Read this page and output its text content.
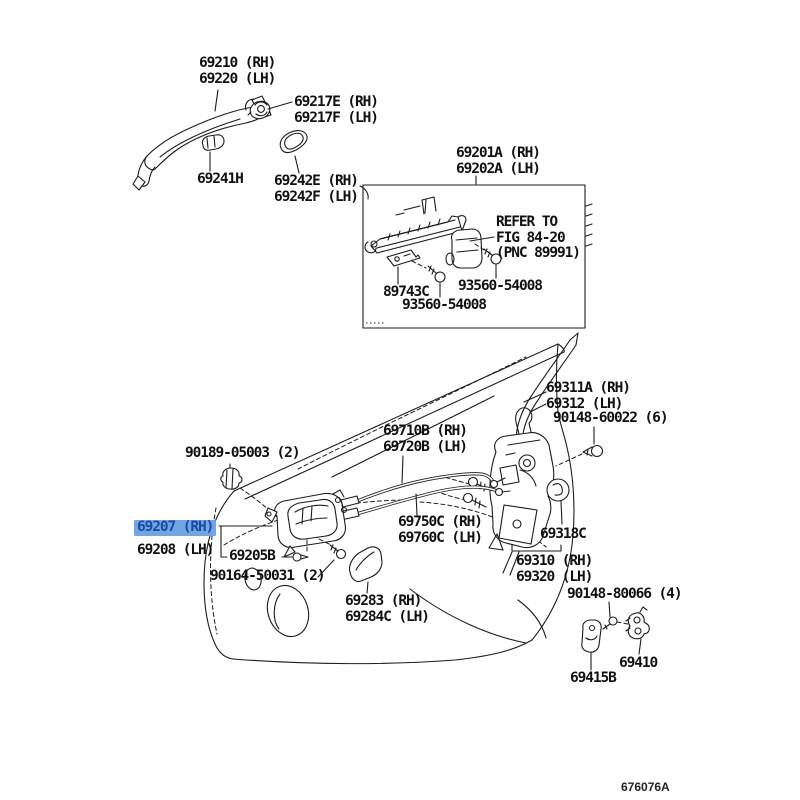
69210 (RH)
69220 (LH)
69217E (RH)
69217F (LH)
69241H 69242E (RH)
69242F (LH)
69201A (RH)
69202A (LH)
REFER TO
FIG 84-20
(PNC 89991)
89743C
93560-54008
93560-54008
90189-05003 (2)
69710B (RH)
69720B (LH)
69311A (RH)
69312 (LH)
90148-60022 (6)
69750C (RH)
69760C (LH)
69207 (RH)
69208 (LH) 69205B
90164-50031 (2)
69283 (RH)
69284C (LH)
69318C
69310 (RH)
69320 (LH)
90148-80066 (4)
69410
69415B
676076A
